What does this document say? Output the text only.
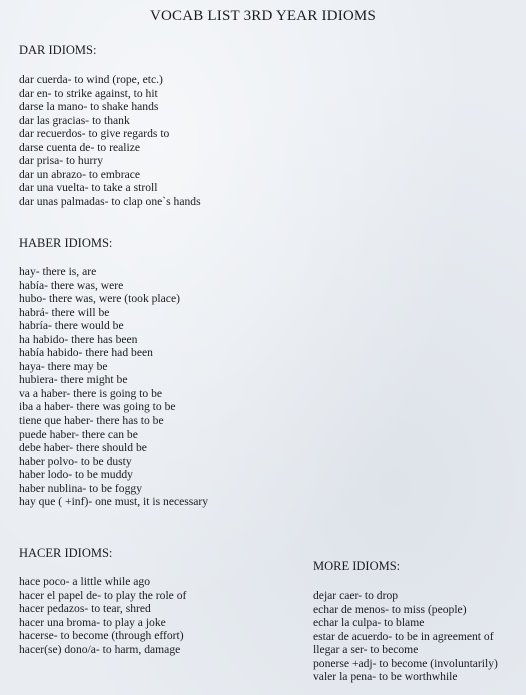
VOCAB LIST 3RD YEAR IDIOMS
DAR IDIOMS:
dar cuerda- to wind (rope, etc.)
dar en- to strike against, to hit
darse la mano- to shake hands
dar las gracias- to thank
dar recuerdos- to give regards to
darse cuenta de- to realize
dar prisa- to hurry
dar un abrazo- to embrace
dar una vuelta- to take a stroll
dar unas palmadas- to clap one`s hands
HABER IDIOMS:
hay- there is, are
había- there was, were
hubo- there was, were (took place)
habrá- there will be
habría- there would be
ha habido- there has been
había habido- there had been
haya- there may be
hubiera- there might be
va a haber- there is going to be
iba a haber- there was going to be
tiene que haber- there has to be
puede haber- there can be
debe haber- there should be
haber polvo- to be dusty
haber lodo- to be muddy
haber nublina- to be foggy
hay que ( +inf)- one must, it is necessary
HACER IDIOMS:
hace poco- a little while ago
hacer el papel de- to play the role of
hacer pedazos- to tear, shred
hacer una broma- to play a joke
hacerse- to become (through effort)
hacer(se) dono/a- to harm, damage
MORE IDIOMS:
dejar caer- to drop
echar de menos- to miss (people)
echar la culpa- to blame
estar de acuerdo- to be in agreement of
llegar a ser- to become
ponerse +adj- to become (involuntarily)
valer la pena- to be worthwhile
